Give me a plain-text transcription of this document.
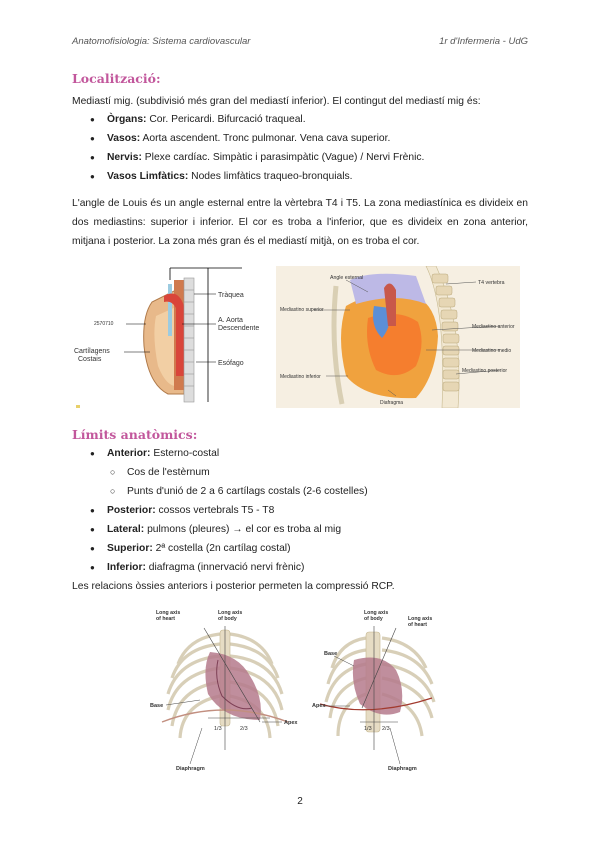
Anatomofisiologia: Sistema cardiovascular	1r d'Infermeria - UdG
Localització:
Mediastí mig. (subdivisió més gran del mediastí inferior). El contingut del mediastí mig és:
● Òrgans: Cor. Pericardi. Bifurcació traqueal.
● Vasos: Aorta ascendent. Tronc pulmonar. Vena cava superior.
● Nervis: Plexe cardíac. Simpàtic i parasimpàtic (Vague) / Nervi Frènic.
● Vasos Limfàtics: Nodes limfàtics traqueo-bronquials.
L'angle de Louis és un angle esternal entre la vèrtebra T4 i T5. La zona mediastínica es divideix en dos mediastins: superior i inferior. El cor es troba a l'inferior, que es divideix en zona anterior, mitjana i posterior. La zona més gran és el mediastí mitjà, on es troba el cor.
Tràquea
A. Aorta
Descendente
Esófago
Cartílagens
Costais
2570710
Angle esternal
T4 vertebra
Mediastino superior
Mediastino anterior
Mediastino medio
Mediastino posterior
Mediastino inferior
Diafragma
Límits anatòmics:
● Anterior: Esterno-costal
○ Cos de l'estèrnum
○ Punts d'unió de 2 a 6 cartílags costals (2-6 costelles)
● Posterior: cossos vertebrals T5 - T8
● Lateral: pulmons (pleures) → el cor es troba al mig
● Superior: 2ª costella (2n cartílag costal)
● Inferior: diafragma (innervació nervi frènic)
Les relacions òssies anteriors i posterior permeten la compressió RCP.
Long axis of heart
Long axis of body
Base
Apex
1/3	2/3
Diaphragm
Long axis of body	Long axis of heart
Base
Apex
1/3 2/3
Diaphragm
2
